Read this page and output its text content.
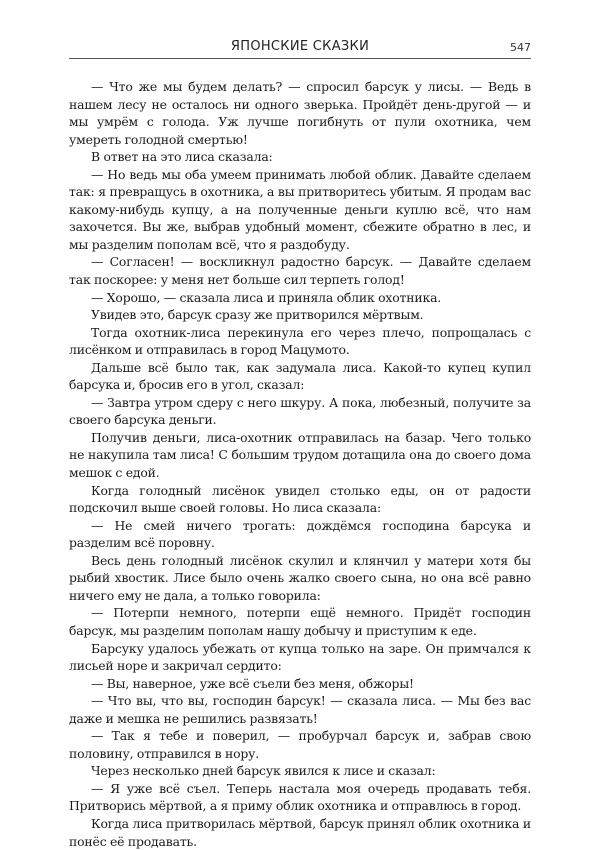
ЯПОНСКИЕ СКАЗКИ	547

— Что же мы будем делать? — спросил барсук у лисы. — Ведь в нашем лесу не осталось ни одного зверька. Пройдёт день-другой — и мы умрём с голода. Уж лучше погибнуть от пули охотника, чем умереть голодной смертью!

В ответ на это лиса сказала:

— Но ведь мы оба умеем принимать любой облик. Давайте сделаем так: я превращусь в охотника, а вы притворитесь убитым. Я продам вас какому-нибудь купцу, а на полученные деньги куплю всё, что нам захочется. Вы же, выбрав удобный момент, сбежите обратно в лес, и мы разделим пополам всё, что я раздобуду.

— Согласен! — воскликнул радостно барсук. — Давайте сделаем так поскорее: у меня нет больше сил терпеть голод!

— Хорошо, — сказала лиса и приняла облик охотника.

Увидев это, барсук сразу же притворился мёртвым.

Тогда охотник-лиса перекинула его через плечо, попрощалась с лисёнком и отправилась в город Мацумото.

Дальше всё было так, как задумала лиса. Какой-то купец купил барсука и, бросив его в угол, сказал:

— Завтра утром сдеру с него шкуру. А пока, любезный, получите за своего барсука деньги.

Получив деньги, лиса-охотник отправилась на базар. Чего только не накупила там лиса! С большим трудом дотащила она до своего дома мешок с едой.

Когда голодный лисёнок увидел столько еды, он от радости подскочил выше своей головы. Но лиса сказала:

— Не смей ничего трогать: дождёмся господина барсука и разделим всё поровну.

Весь день голодный лисёнок скулил и клянчил у матери хотя бы рыбий хвостик. Лисе было очень жалко своего сына, но она всё равно ничего ему не дала, а только говорила:

— Потерпи немного, потерпи ещё немного. Придёт господин барсук, мы разделим пополам нашу добычу и приступим к еде.

Барсуку удалось убежать от купца только на заре. Он примчался к лисьей норе и закричал сердито:

— Вы, наверное, уже всё съели без меня, обжоры!

— Что вы, что вы, господин барсук! — сказала лиса. — Мы без вас даже и мешка не решились развязать!

— Так я тебе и поверил, — пробурчал барсук и, забрав свою половину, отправился в нору.

Через несколько дней барсук явился к лисе и сказал:

— Я уже всё съел. Теперь настала моя очередь продавать тебя. Притворись мёртвой, а я приму облик охотника и отправлюсь в город.

Когда лиса притворилась мёртвой, барсук принял облик охотника и понёс её продавать.
